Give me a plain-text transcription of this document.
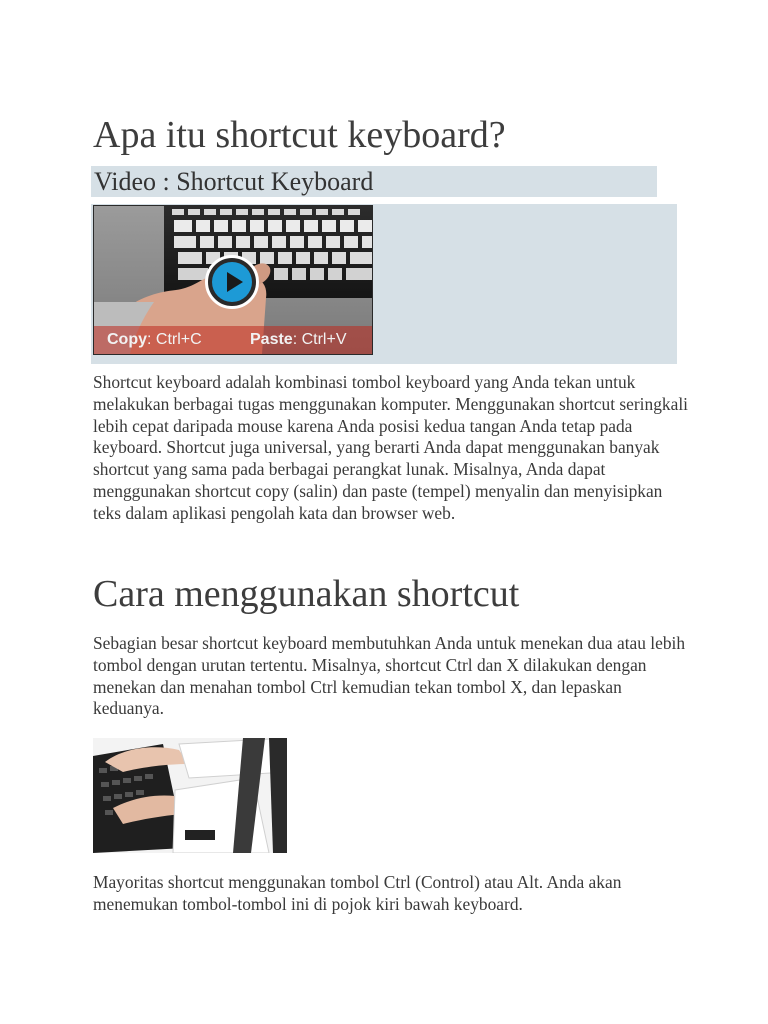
Apa itu shortcut keyboard?
Video : Shortcut Keyboard
Copy: Ctrl+C	Paste: Ctrl+V

Shortcut keyboard adalah kombinasi tombol keyboard yang Anda tekan untuk melakukan berbagai tugas menggunakan komputer. Menggunakan shortcut seringkali lebih cepat daripada mouse karena Anda posisi kedua tangan Anda tetap pada keyboard. Shortcut juga universal, yang berarti Anda dapat menggunakan banyak shortcut yang sama pada berbagai perangkat lunak. Misalnya, Anda dapat menggunakan shortcut copy (salin) dan paste (tempel) menyalin dan menyisipkan teks dalam aplikasi pengolah kata dan browser web.

Cara menggunakan shortcut

Sebagian besar shortcut keyboard membutuhkan Anda untuk menekan dua atau lebih tombol dengan urutan tertentu. Misalnya, shortcut Ctrl dan X dilakukan dengan menekan dan menahan tombol Ctrl kemudian tekan tombol X, dan lepaskan keduanya.

Mayoritas shortcut menggunakan tombol Ctrl (Control) atau Alt. Anda akan menemukan tombol-tombol ini di pojok kiri bawah keyboard.
